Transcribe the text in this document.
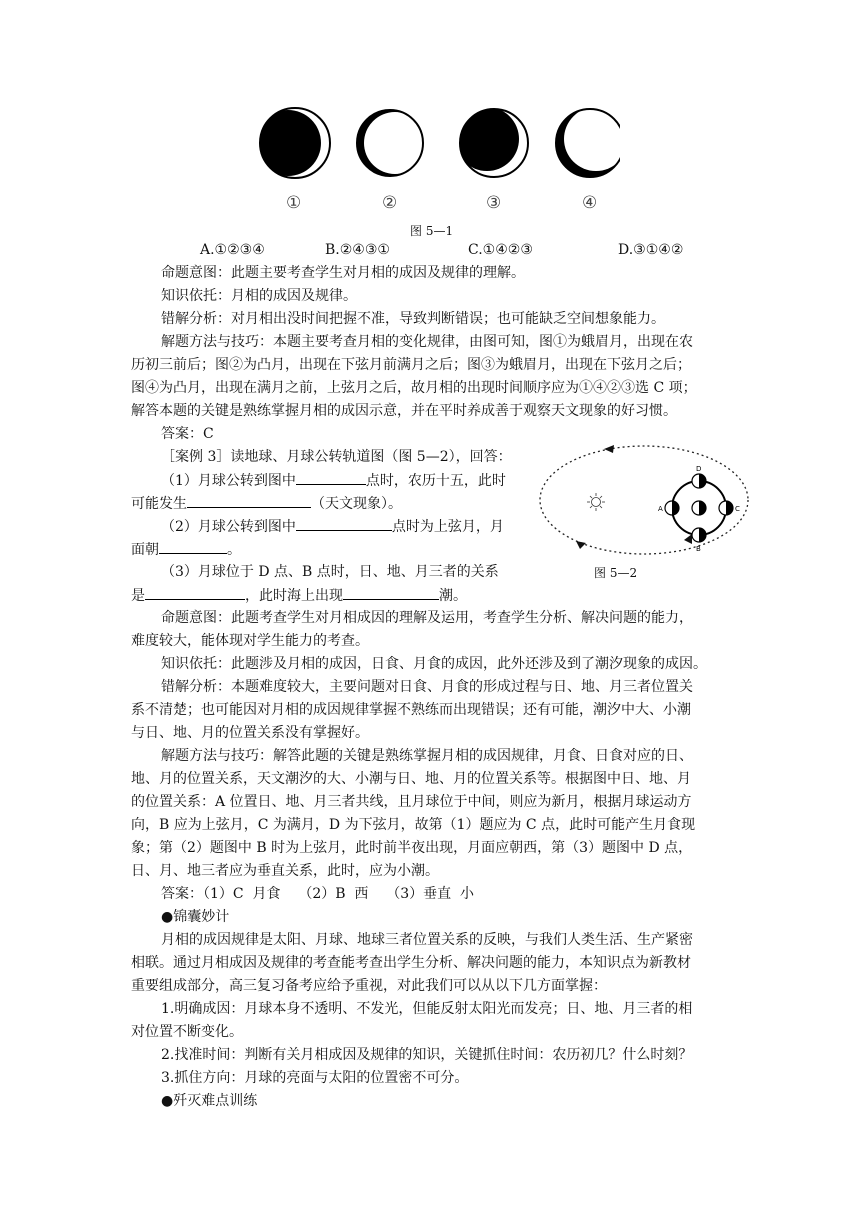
①	②	③	④
图 5—1
A.①②③④	B.②④③①	C.①④②③	D.③①④②
命题意图：此题主要考查学生对月相的成因及规律的理解。
知识依托：月相的成因及规律。
错解分析：对月相出没时间把握不准，导致判断错误；也可能缺乏空间想象能力。
解题方法与技巧：本题主要考查月相的变化规律，由图可知，图①为蛾眉月，出现在农
历初三前后；图②为凸月，出现在下弦月前满月之后；图③为蛾眉月，出现在下弦月之后；
图④为凸月，出现在满月之前，上弦月之后，故月相的出现时间顺序应为①④②③选 C 项；
解答本题的关键是熟练掌握月相的成因示意，并在平时养成善于观察天文现象的好习惯。
答案：C
［案例 3］读地球、月球公转轨道图（图 5—2），回答：
（1）月球公转到图中	点时，农历十五，此时
可能发生	（天文现象）。
（2）月球公转到图中	点时为上弦月，月
面朝	。
（3）月球位于 D 点、B 点时，日、地、月三者的关系
是	，此时海上出现	潮。
A	C
D
B
图 5—2
命题意图：此题考查学生对月相成因的理解及运用，考查学生分析、解决问题的能力，
难度较大，能体现对学生能力的考查。
知识依托：此题涉及月相的成因，日食、月食的成因，此外还涉及到了潮汐现象的成因。
错解分析：本题难度较大，主要问题对日食、月食的形成过程与日、地、月三者位置关
系不清楚；也可能因对月相的成因规律掌握不熟练而出现错误；还有可能，潮汐中大、小潮
与日、地、月的位置关系没有掌握好。
解题方法与技巧：解答此题的关键是熟练掌握月相的成因规律，月食、日食对应的日、
地、月的位置关系，天文潮汐的大、小潮与日、地、月的位置关系等。根据图中日、地、月
的位置关系：A 位置日、地、月三者共线，且月球位于中间，则应为新月，根据月球运动方
向，B 应为上弦月，C 为满月，D 为下弦月，故第（1）题应为 C 点，此时可能产生月食现
象；第（2）题图中 B 时为上弦月，此时前半夜出现，月面应朝西，第（3）题图中 D 点，
日、月、地三者应为垂直关系，此时，应为小潮。
答案：（1）C  月食    （2）B  西    （3）垂直  小
●锦囊妙计
月相的成因规律是太阳、月球、地球三者位置关系的反映，与我们人类生活、生产紧密
相联。通过月相成因及规律的考查能考查出学生分析、解决问题的能力，本知识点为新教材
重要组成部分，高三复习备考应给予重视，对此我们可以从以下几方面掌握：
1.明确成因：月球本身不透明、不发光，但能反射太阳光而发亮；日、地、月三者的相
对位置不断变化。
2.找准时间：判断有关月相成因及规律的知识，关键抓住时间：农历初几？什么时刻？
3.抓住方向：月球的亮面与太阳的位置密不可分。
●歼灭难点训练
